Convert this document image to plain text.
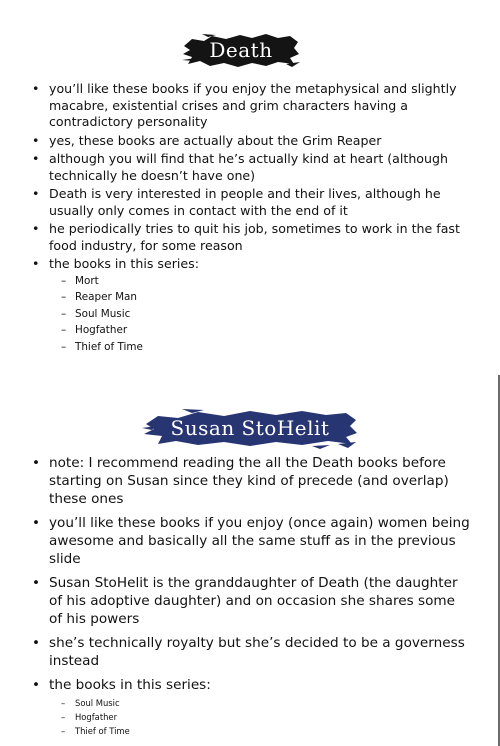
Death
• you’ll like these books if you enjoy the metaphysical and slightly macabre, existential crises and grim characters having a contradictory personality
• yes, these books are actually about the Grim Reaper
• although you will find that he’s actually kind at heart (although technically he doesn’t have one)
• Death is very interested in people and their lives, although he usually only comes in contact with the end of it
• he periodically tries to quit his job, sometimes to work in the fast food industry, for some reason
• the books in this series:
– Mort
– Reaper Man
– Soul Music
– Hogfather
– Thief of Time
Susan StoHelit
• note: I recommend reading the all the Death books before starting on Susan since they kind of precede (and overlap) these ones
• you’ll like these books if you enjoy (once again) women being awesome and basically all the same stuff as in the previous slide
• Susan StoHelit is the granddaughter of Death (the daughter of his adoptive daughter) and on occasion she shares some of his powers
• she’s technically royalty but she’s decided to be a governess instead
• the books in this series:
– Soul Music
– Hogfather
– Thief of Time
